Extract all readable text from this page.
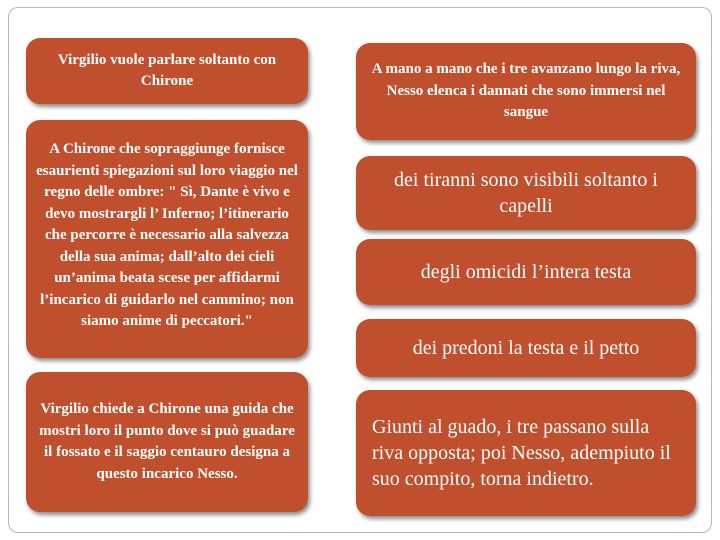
Virgilio vuole parlare soltanto con Chirone
A Chirone che sopraggiunge fornisce esaurienti spiegazioni sul loro viaggio nel regno delle ombre: " Sì, Dante è vivo e devo mostrargli l’ Inferno; l’itinerario che percorre è necessario alla salvezza della sua anima; dall’alto dei cieli un’anima beata scese per affidarmi l’incarico di guidarlo nel cammino; non siamo anime di peccatori."
Virgilio chiede a Chirone una guida che mostri loro il punto dove si può guadare il fossato e il saggio centauro designa a questo incarico Nesso.
A mano a mano che i tre avanzano lungo la riva, Nesso elenca i dannati che sono immersi nel sangue
dei tiranni sono visibili soltanto i capelli
degli omicidi l’intera testa
dei predoni la testa e il petto
Giunti al guado, i tre passano sulla riva opposta; poi Nesso, adempiuto il suo compito, torna indietro.
